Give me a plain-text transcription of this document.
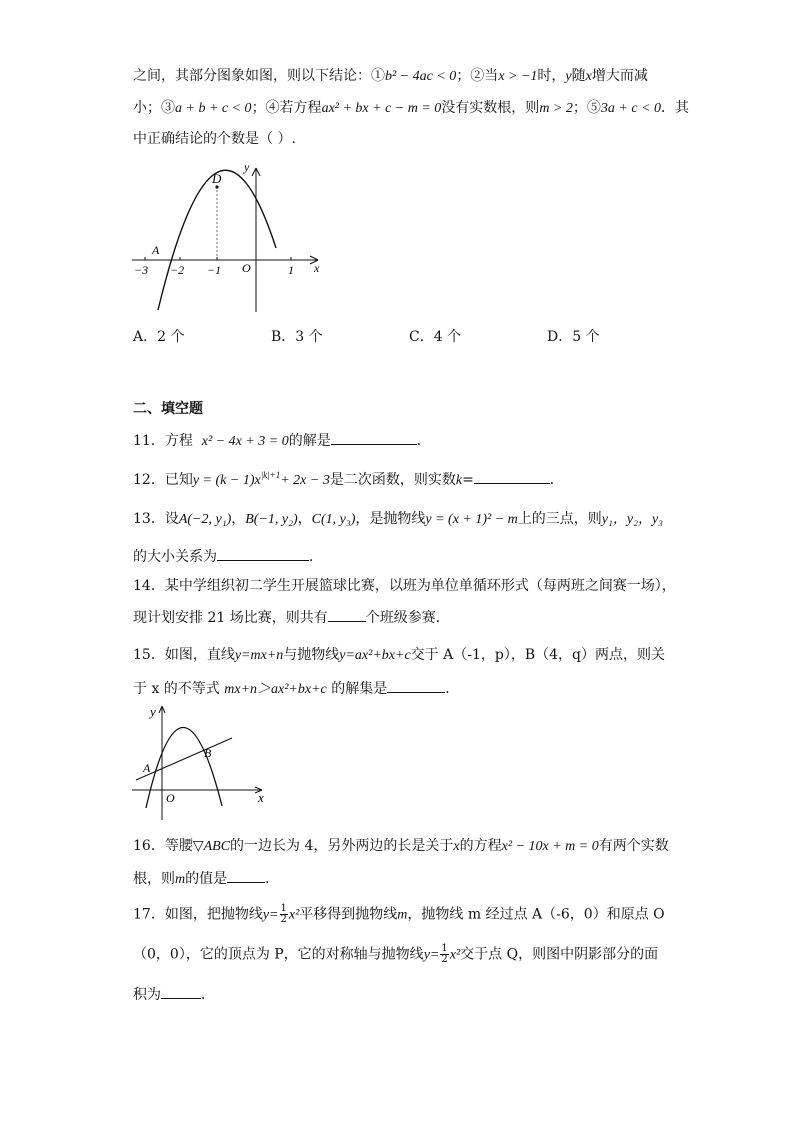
之间，其部分图象如图，则以下结论：①b² − 4ac < 0；②当x > −1时，y随x增大而减
小；③a + b + c < 0；④若方程ax² + bx + c − m = 0没有实数根，则m > 2；⑤3a + c < 0．其
中正确结论的个数是（ ）.
y
x
D
A
O
−3 −2 −1	1
A．2 个	B．3 个	C．4 个	D．5 个
二、填空题
11．方程 x² − 4x + 3 = 0的解是	．
12．已知$y = (k - 1)x^{|k|+1}+ 2x - 3$是二次函数，则实数k=	．
13．设A(−2, y₁)，B(−1, y₂)，C(1, y₃)，是抛物线y = (x + 1)² − m上的三点，则y₁，y₂，y₃
的大小关系为	．
14．某中学组织初二学生开展篮球比赛，以班为单位单循环形式（每两班之间赛一场），
现计划安排 21 场比赛，则共有	个班级参赛．
15．如图，直线y=mx+n与抛物线y=ax²+bx+c交于 A（-1，p），B（4，q）两点，则关
于 x 的不等式 mx+n＞ax²+bx+c 的解集是	．
y
x
A
B
O
16．等腰▽ABC的一边长为 4，另外两边的长是关于x的方程x² − 10x + m = 0有两个实数
根，则m的值是	．
17．如图，把抛物线$y= \frac{1}{2} x^2$平移得到抛物线m，抛物线 m 经过点 A（-6，0）和原点 O
（0，0），它的顶点为 P，它的对称轴与抛物线$y= \frac{1}{2} x^2$交于点 Q，则图中阴影部分的面
积为	．
